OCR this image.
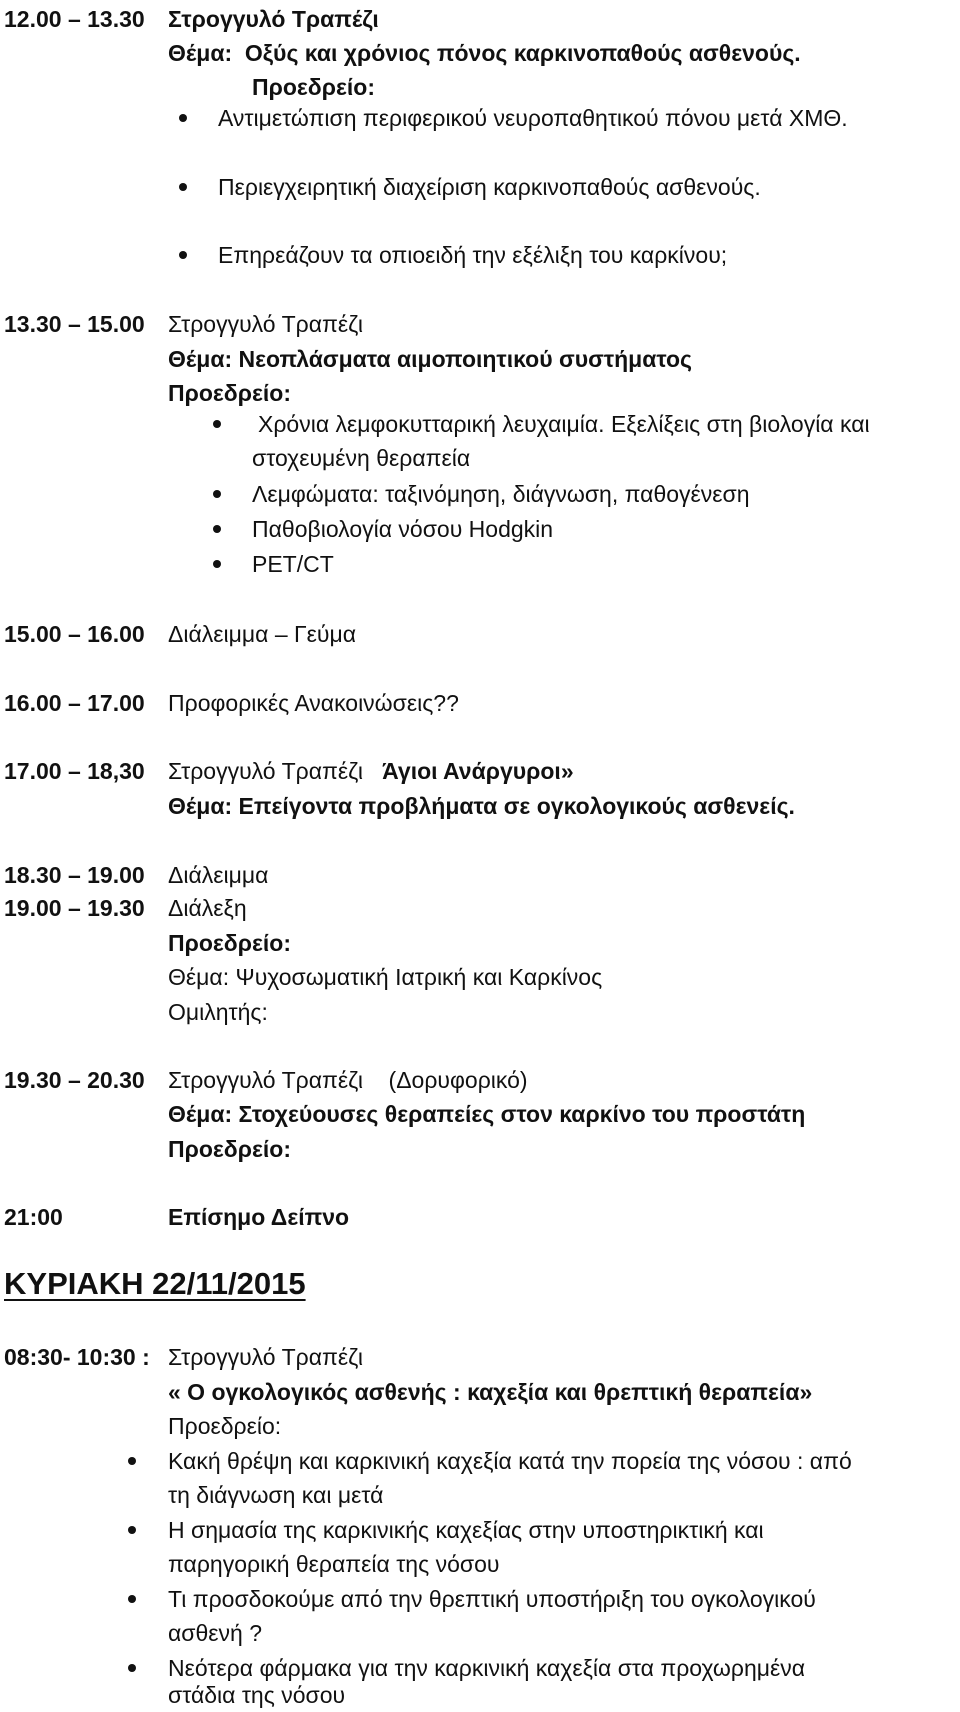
12.00 – 13.30 Στρογγυλό Τραπέζι
Θέμα: Οξύς και χρόνιος πόνος καρκινοπαθούς ασθενούς.
Προεδρείο:
Αντιμετώπιση περιφερικού νευροπαθητικού πόνου μετά ΧΜΘ.
Περιεγχειρητική διαχείριση καρκινοπαθούς ασθενούς.
Επηρεάζουν τα οπιοειδή την εξέλιξη του καρκίνου;
13.30 – 15.00 Στρογγυλό Τραπέζι
Θέμα: Νεοπλάσματα αιμοποιητικού συστήματος
Προεδρείο:
Χρόνια λεμφοκυτταρική λευχαιμία. Εξελίξεις στη βιολογία και
στοχευμένη θεραπεία
Λεμφώματα: ταξινόμηση, διάγνωση, παθογένεση
Παθοβιολογία νόσου Hodgkin
PET/CT
15.00 – 16.00 Διάλειμμα – Γεύμα
16.00 – 17.00 Προφορικές Ανακοινώσεις??
17.00 – 18,30 Στρογγυλό Τραπέζι Άγιοι Ανάργυροι»
Θέμα: Επείγοντα προβλήματα σε ογκολογικούς ασθενείς.
18.30 – 19.00 Διάλειμμα
19.00 – 19.30 Διάλεξη
Προεδρείο:
Θέμα: Ψυχοσωματική Ιατρική και Καρκίνος
Ομιλητής:
19.30 – 20.30 Στρογγυλό Τραπέζι (Δορυφορικό)
Θέμα: Στοχεύουσες θεραπείες στον καρκίνο του προστάτη
Προεδρείο:
21:00	Επίσημο Δείπνο
ΚΥΡΙΑΚΗ 22/11/2015
08:30- 10:30 : Στρογγυλό Τραπέζι
« Ο ογκολογικός ασθενής : καχεξία και θρεπτική θεραπεία»
Προεδρείο:
Κακή θρέψη και καρκινική καχεξία κατά την πορεία της νόσου : από
τη διάγνωση και μετά
Η σημασία της καρκινικής καχεξίας στην υποστηρικτική και
παρηγορική θεραπεία της νόσου
Τι προσδοκούμε από την θρεπτική υποστήριξη του ογκολογικού
ασθενή ?
Νεότερα φάρμακα για την καρκινική καχεξία στα προχωρημένα
στάδια της νόσου
